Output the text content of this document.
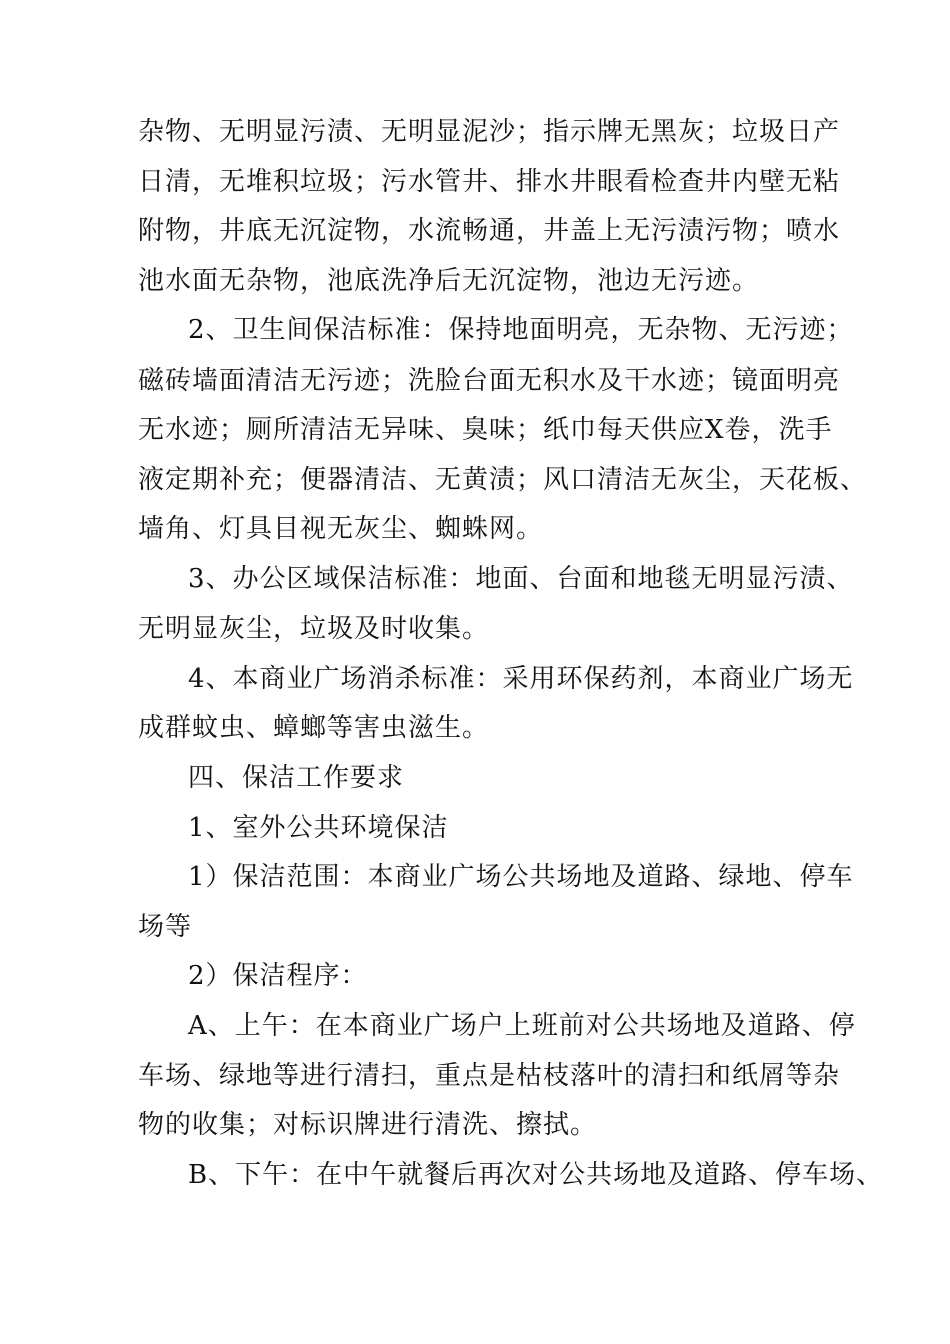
杂物、无明显污渍、无明显泥沙；指示牌无黑灰；垃圾日产
日清，无堆积垃圾；污水管井、排水井眼看检查井内壁无粘
附物，井底无沉淀物，水流畅通，井盖上无污渍污物；喷水
池水面无杂物，池底洗净后无沉淀物，池边无污迹。
2、卫生间保洁标准：保持地面明亮，无杂物、无污迹；
磁砖墙面清洁无污迹；洗脸台面无积水及干水迹；镜面明亮
无水迹；厕所清洁无异味、臭味；纸巾每天供应X卷，洗手
液定期补充；便器清洁、无黄渍；风口清洁无灰尘，天花板、
墙角、灯具目视无灰尘、蜘蛛网。
3、办公区域保洁标准：地面、台面和地毯无明显污渍、
无明显灰尘，垃圾及时收集。
4、本商业广场消杀标准：采用环保药剂，本商业广场无
成群蚊虫、蟑螂等害虫滋生。
四、保洁工作要求
1、室外公共环境保洁
1）保洁范围：本商业广场公共场地及道路、绿地、停车
场等
2）保洁程序：
A、上午：在本商业广场户上班前对公共场地及道路、停
车场、绿地等进行清扫，重点是枯枝落叶的清扫和纸屑等杂
物的收集；对标识牌进行清洗、擦拭。
B、下午：在中午就餐后再次对公共场地及道路、停车场、
